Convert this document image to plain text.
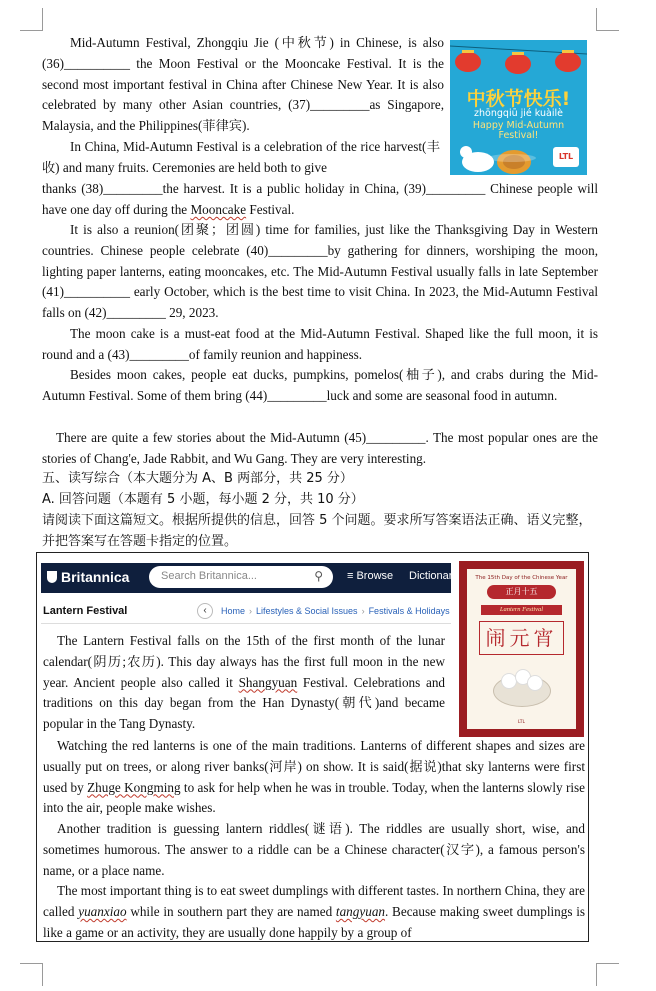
中秋节快乐!
zhōngqiū jié kuàilè
Happy Mid-Autumn
Festival!
LTL
Mid-Autumn Festival, Zhongqiu Jie (中秋节) in Chinese, is also (36)__________ the Moon Festival or the Mooncake Festival. It is the second most important festival in China after Chinese New Year. It is also celebrated by many other Asian countries, (37)_________as Singapore, Malaysia, and the Philippines(菲律宾).
In China, Mid-Autumn Festival is a celebration of the rice harvest(丰收) and many fruits. Ceremonies are held both to give
thanks (38)_________the harvest. It is a public holiday in China, (39)_________ Chinese people will have one day off during the Mooncake Festival.
It is also a reunion(团聚；团圆) time for families, just like the Thanksgiving Day in Western countries. Chinese people celebrate (40)_________by gathering for dinners, worshiping the moon, lighting paper lanterns, eating mooncakes, etc. The Mid-Autumn Festival usually falls in late September (41)__________ early October, which is the best time to visit China. In 2023, the Mid-Autumn Festival falls on (42)_________ 29, 2023.
The moon cake is a must-eat food at the Mid-Autumn Festival. Shaped like the full moon, it is round and a (43)_________of family reunion and happiness.
Besides moon cakes, people eat ducks, pumpkins, pomelos(柚子), and crabs during the Mid-Autumn Festival. Some of them bring (44)_________luck and some are seasonal food in autumn.
There are quite a few stories about the Mid-Autumn (45)_________. The most popular ones are the stories of Chang'e, Jade Rabbit, and Wu Gang. They are very interesting.
五、读写综合（本大题分为 A、B 两部分，共 25 分）
A. 回答问题（本题有 5 小题，每小题 2 分，共 10 分）
请阅读下面这篇短文。根据所提供的信息，回答 5 个问题。要求所写答案语法正确、语义完整，并把答案写在答题卡指定的位置。
Britannica	Search Britannica...	⚲ ≡ Browse Dictionary
Lantern Festival	‹	Home › Lifestyles & Social Issues › Festivals & Holidays
The 15th Day of the Chinese Year
正月十五
Lantern Festival
闹元宵
LTL
The Lantern Festival falls on the 15th of the first month of the lunar calendar(阴历;农历). This day always has the first full moon in the new year. Ancient people also called it Shangyuan Festival. Celebrations and traditions on this day began from the Han Dynasty(朝代)and became popular in the Tang Dynasty.
Watching the red lanterns is one of the main traditions. Lanterns of different shapes and sizes are usually put on trees, or along river banks(河岸) on show. It is said(据说)that sky lanterns were first used by Zhuge Kongming to ask for help when he was in trouble. Today, when the lanterns slowly rise into the air, people make wishes.
Another tradition is guessing lantern riddles(谜语). The riddles are usually short, wise, and sometimes humorous. The answer to a riddle can be a Chinese character(汉字), a famous person's name, or a place name.
The most important thing is to eat sweet dumplings with different tastes. In northern China, they are called yuanxiao while in southern part they are named tangyuan. Because making sweet dumplings is like a game or an activity, they are usually done happily by a group of
